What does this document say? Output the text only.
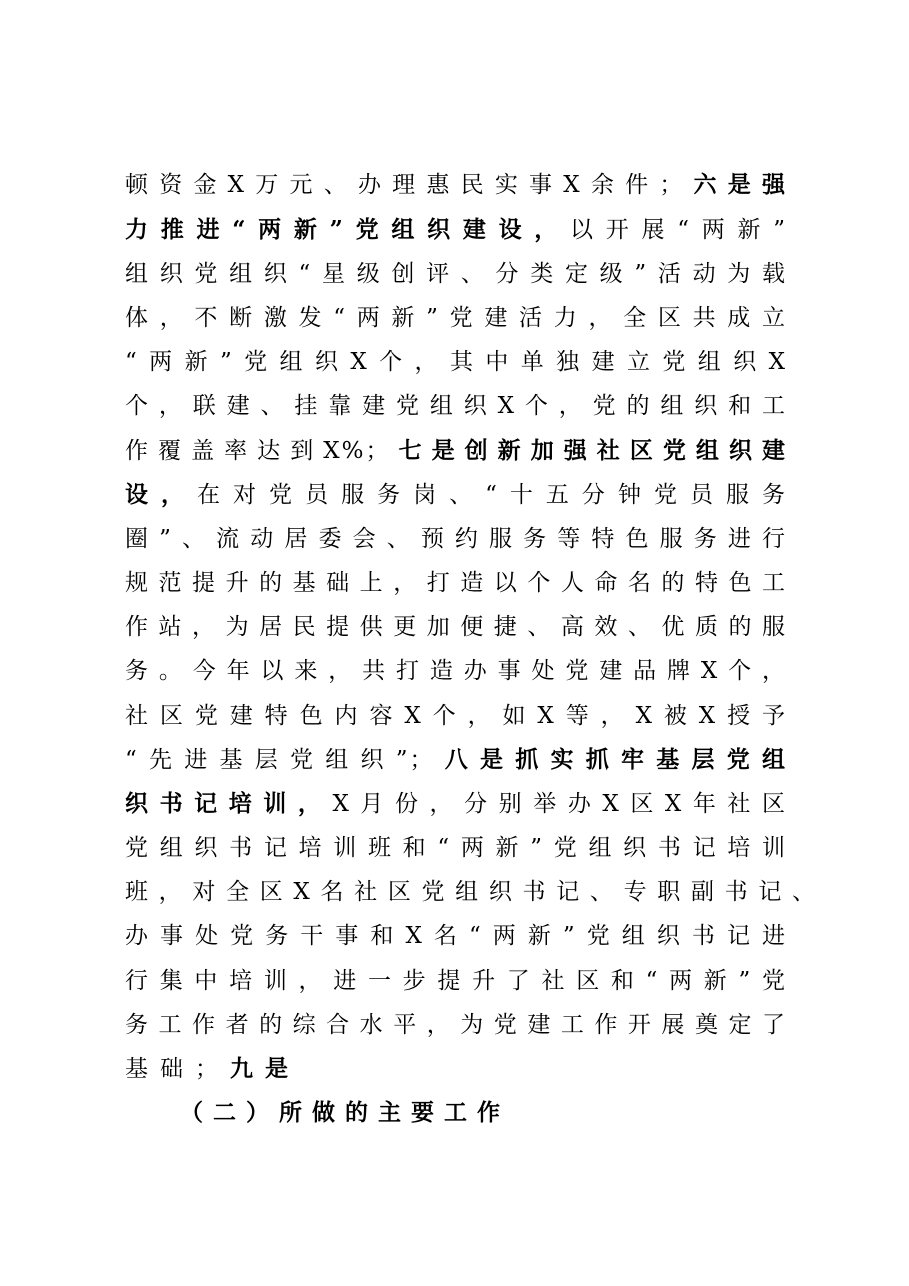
顿资金X万元、办理惠民实事X余件；六是强
力推进“两新”党组织建设，以开展“两新”
组织党组织“星级创评、分类定级”活动为载
体，不断激发“两新”党建活力，全区共成立
“两新”党组织X个，其中单独建立党组织X
个，联建、挂靠建党组织X个，党的组织和工
作覆盖率达到X%；七是创新加强社区党组织建
设，在对党员服务岗、“十五分钟党员服务
圈”、流动居委会、预约服务等特色服务进行
规范提升的基础上，打造以个人命名的特色工
作站，为居民提供更加便捷、高效、优质的服
务。今年以来，共打造办事处党建品牌X个，
社区党建特色内容X个，如X等，X被X授予
“先进基层党组织”；八是抓实抓牢基层党组
织书记培训，X月份，分别举办X区X年社区
党组织书记培训班和“两新”党组织书记培训
班，对全区X名社区党组织书记、专职副书记、
办事处党务干事和X名“两新”党组织书记进
行集中培训，进一步提升了社区和“两新”党
务工作者的综合水平，为党建工作开展奠定了
基础；九是
（二）所做的主要工作
